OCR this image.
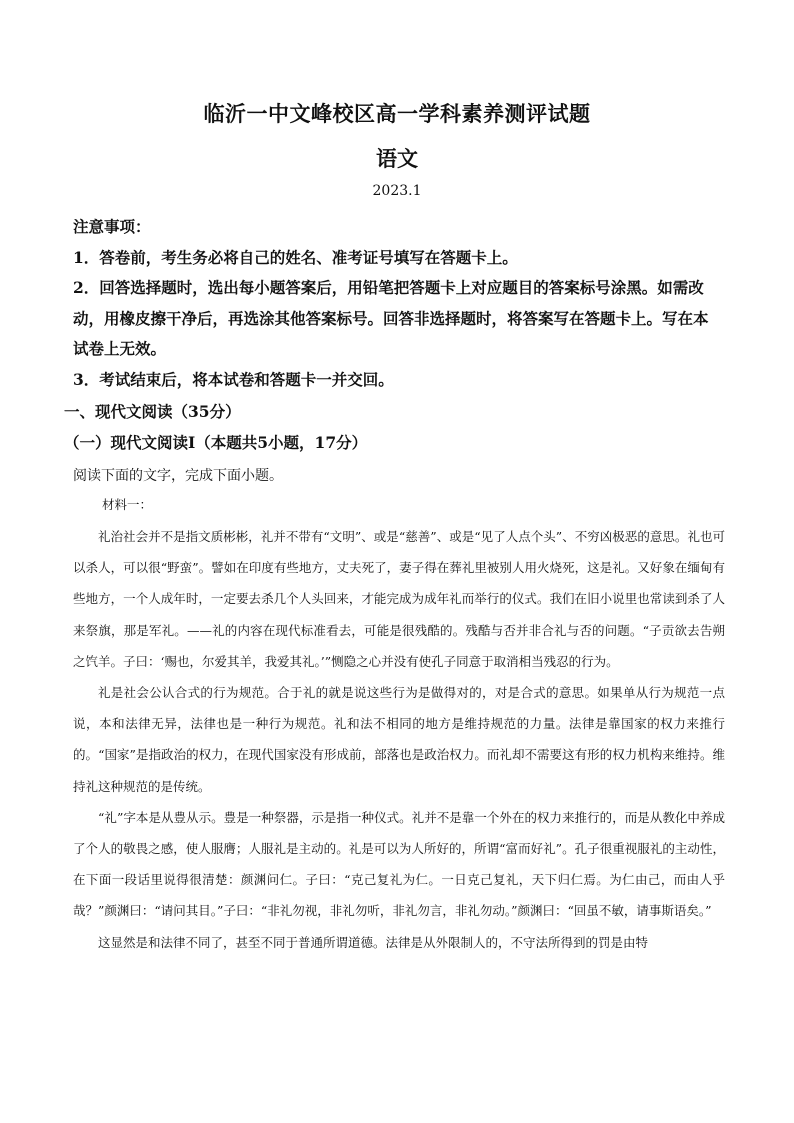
临沂一中文峰校区高一学科素养测评试题
语文
2023.1

注意事项：

1．答卷前，考生务必将自己的姓名、准考证号填写在答题卡上。

2．回答选择题时，选出每小题答案后，用铅笔把答题卡上对应题目的答案标号涂黑。如需改动，用橡皮擦干净后，再选涂其他答案标号。回答非选择题时，将答案写在答题卡上。写在本试卷上无效。

3．考试结束后，将本试卷和答题卡一并交回。

一、现代文阅读（35分）

（一）现代文阅读Ⅰ（本题共5小题，17分）

阅读下面的文字，完成下面小题。

材料一：

礼治社会并不是指文质彬彬，礼并不带有“文明”、或是“慈善”、或是“见了人点个头”、不穷凶极恶的意思。礼也可以杀人，可以很“野蛮”。譬如在印度有些地方，丈夫死了，妻子得在葬礼里被别人用火烧死，这是礼。又好象在缅甸有些地方，一个人成年时，一定要去杀几个人头回来，才能完成为成年礼而举行的仪式。我们在旧小说里也常读到杀了人来祭旗，那是军礼。——礼的内容在现代标准看去，可能是很残酷的。残酷与否并非合礼与否的问题。“子贡欲去告朔之饩羊。子曰：‘赐也，尔爱其羊，我爱其礼。’”恻隐之心并没有使孔子同意于取消相当残忍的行为。

礼是社会公认合式的行为规范。合于礼的就是说这些行为是做得对的，对是合式的意思。如果单从行为规范一点说，本和法律无异，法律也是一种行为规范。礼和法不相同的地方是维持规范的力量。法律是靠国家的权力来推行的。“国家”是指政治的权力，在现代国家没有形成前，部落也是政治权力。而礼却不需要这有形的权力机构来维持。维持礼这种规范的是传统。

“礼”字本是从豊从示。豊是一种祭器，示是指一种仪式。礼并不是靠一个外在的权力来推行的，而是从教化中养成了个人的敬畏之感，使人服膺；人服礼是主动的。礼是可以为人所好的，所谓“富而好礼”。孔子很重视服礼的主动性，在下面一段话里说得很清楚：颜渊问仁。子曰：“克己复礼为仁。一日克己复礼，天下归仁焉。为仁由己，而由人乎哉？”颜渊曰：“请问其目。”子曰：“非礼勿视，非礼勿听，非礼勿言，非礼勿动。”颜渊曰：“回虽不敏，请事斯语矣。”

这显然是和法律不同了，甚至不同于普通所谓道德。法律是从外限制人的，不守法所得到的罚是由特
